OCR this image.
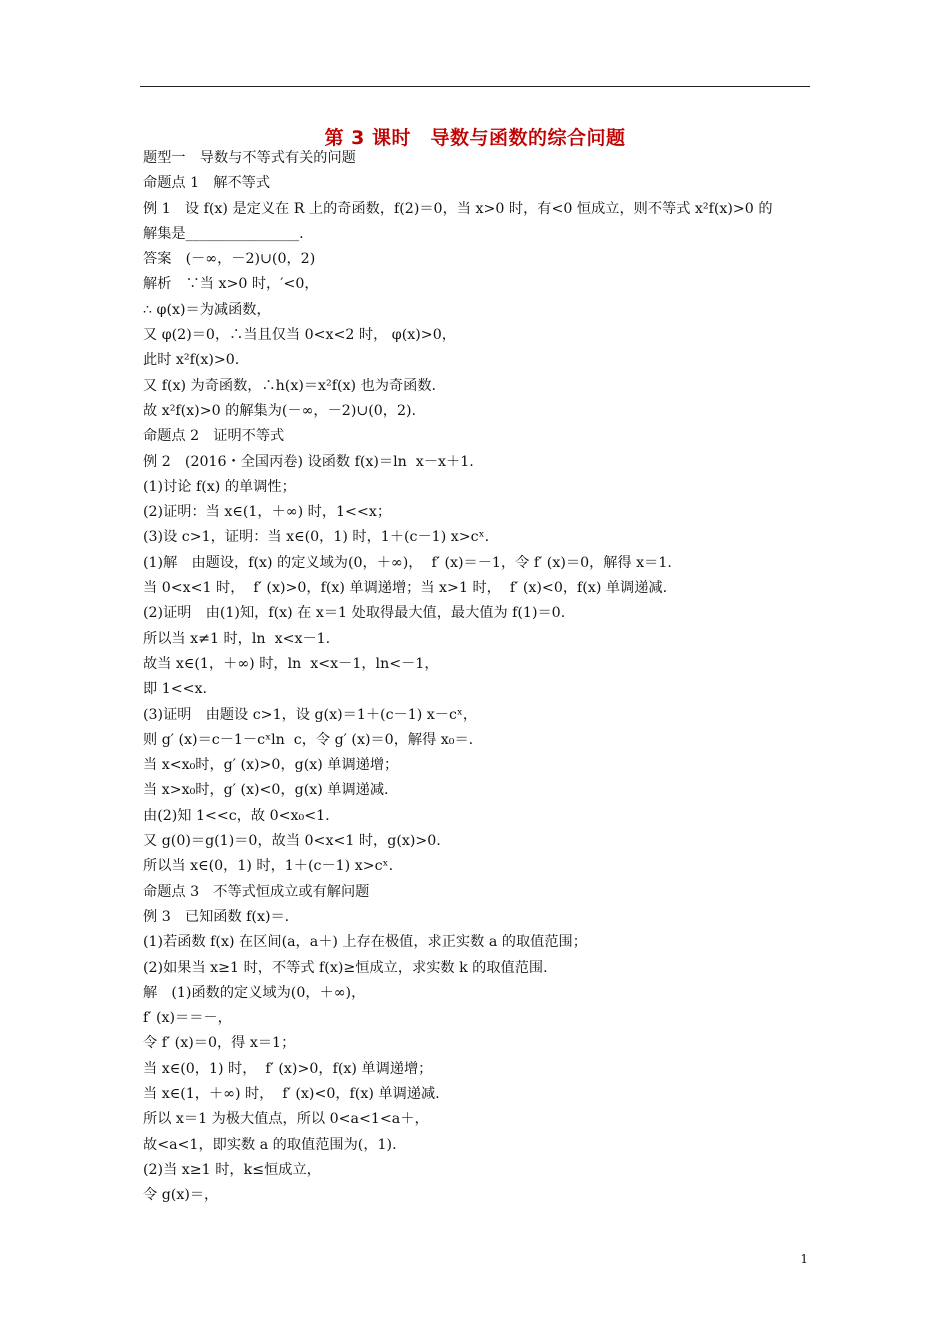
第 3 课时　导数与函数的综合问题
题型一　导数与不等式有关的问题
命题点 1　解不等式
例 1　设 f(x) 是定义在 R 上的奇函数，f(2)＝0，当 x>0 时，有<0 恒成立，则不等式 x²f(x)>0 的
解集是________________.
答案　(－∞，－2)∪(0，2)
解析　∵当 x>0 时，′<0，
∴ φ(x)＝为减函数，
又 φ(2)＝0，∴当且仅当 0<x<2 时， φ(x)>0，
此时 x²f(x)>0.
又 f(x) 为奇函数，∴h(x)＝x²f(x) 也为奇函数.
故 x²f(x)>0 的解集为(－∞，－2)∪(0，2).
命题点 2　证明不等式
例 2　(2016・全国丙卷) 设函数 f(x)＝ln  x－x＋1.
(1)讨论 f(x) 的单调性；
(2)证明：当 x∈(1，＋∞) 时，1<<x；
(3)设 c>1，证明：当 x∈(0，1) 时，1＋(c－1) x>cˣ.
(1)解　由题设，f(x) 的定义域为(0，＋∞)，  f′ (x)＝－1，令 f′ (x)＝0，解得 x＝1.
当 0<x<1 时，  f′ (x)>0，f(x) 单调递增；当 x>1 时，  f′ (x)<0，f(x) 单调递减.
(2)证明　由(1)知，f(x) 在 x＝1 处取得最大值，最大值为 f(1)＝0.
所以当 x≠1 时，ln  x<x－1.
故当 x∈(1，＋∞) 时，ln  x<x－1，ln<－1，
即 1<<x.
(3)证明　由题设 c>1，设 g(x)＝1＋(c－1) x－cˣ，
则 g′ (x)＝c－1－cˣln  c，令 g′ (x)＝0，解得 x₀＝.
当 x<x₀时，g′ (x)>0，g(x) 单调递增；
当 x>x₀时，g′ (x)<0，g(x) 单调递减.
由(2)知 1<<c，故 0<x₀<1.
又 g(0)＝g(1)＝0，故当 0<x<1 时，g(x)>0.
所以当 x∈(0，1) 时，1＋(c－1) x>cˣ.
命题点 3　不等式恒成立或有解问题
例 3　已知函数 f(x)＝.
(1)若函数 f(x) 在区间(a，a＋) 上存在极值，求正实数 a 的取值范围；
(2)如果当 x≥1 时，不等式 f(x)≥恒成立，求实数 k 的取值范围.
解　(1)函数的定义域为(0，＋∞)，
f′ (x)＝＝－，
令 f′ (x)＝0，得 x＝1；
当 x∈(0，1) 时，  f′ (x)>0，f(x) 单调递增；
当 x∈(1，＋∞) 时，  f′ (x)<0，f(x) 单调递减.
所以 x＝1 为极大值点，所以 0<a<1<a＋，
故<a<1，即实数 a 的取值范围为(，1).
(2)当 x≥1 时，k≤恒成立，
令 g(x)＝，
1
